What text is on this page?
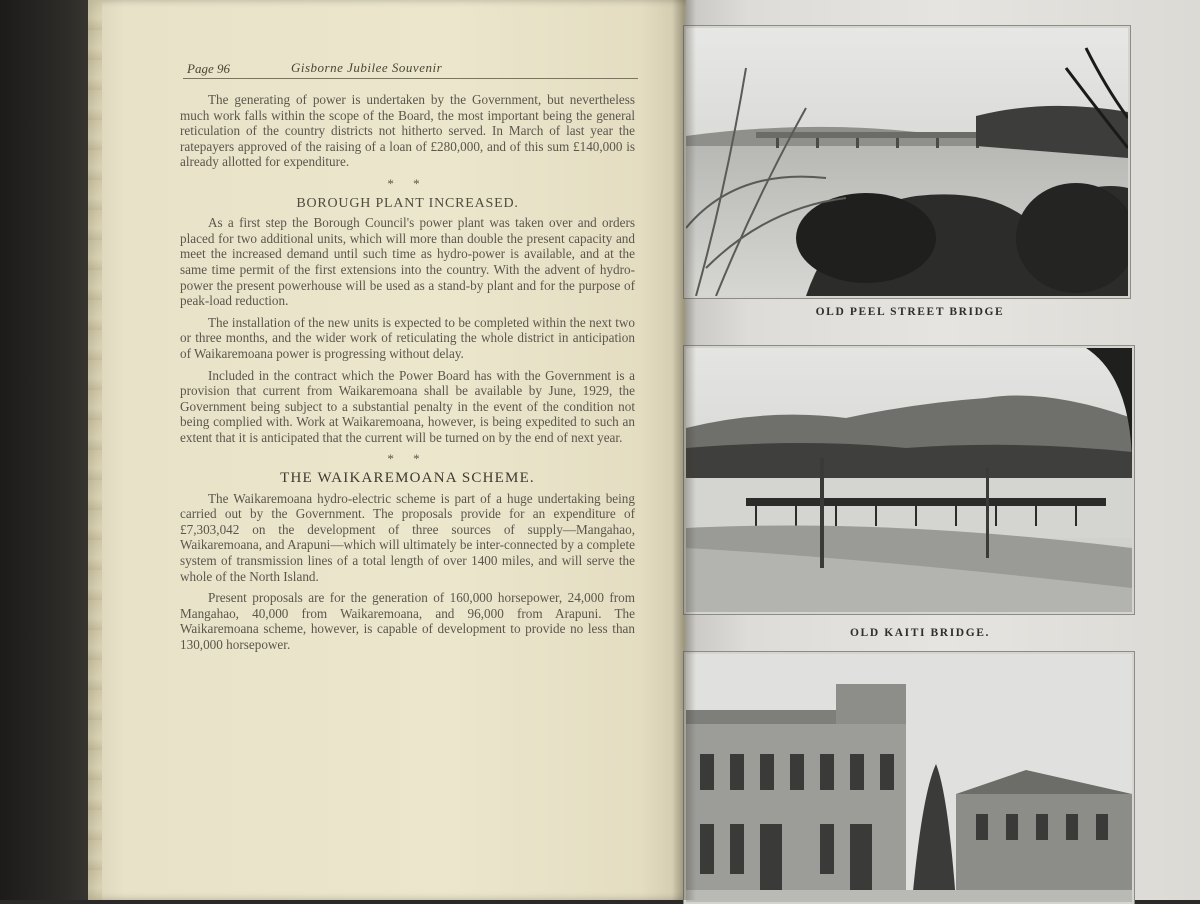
Page 96	Gisborne Jubilee Souvenir

The generating of power is undertaken by the Government, but nevertheless much work falls within the scope of the Board, the most important being the general reticulation of the country districts not hitherto served. In March of last year the ratepayers approved of the raising of a loan of £280,000, and of this sum £140,000 is already allotted for expenditure.

* *
BOROUGH PLANT INCREASED.

As a first step the Borough Council's power plant was taken over and orders placed for two additional units, which will more than double the present capacity and meet the increased demand until such time as hydro-power is available, and at the same time permit of the first extensions into the country. With the advent of hydro-power the present powerhouse will be used as a stand-by plant and for the purpose of peak-load reduction.

The installation of the new units is expected to be completed within the next two or three months, and the wider work of reticulating the whole district in anticipation of Waikaremoana power is progressing without delay.

Included in the contract which the Power Board has with the Government is a provision that current from Waikaremoana shall be available by June, 1929, the Government being subject to a substantial penalty in the event of the condition not being complied with. Work at Waikaremoana, however, is being expedited to such an extent that it is anticipated that the current will be turned on by the end of next year.

* *
THE WAIKAREMOANA SCHEME.

The Waikaremoana hydro-electric scheme is part of a huge undertaking being carried out by the Government. The proposals provide for an expenditure of £7,303,042 on the development of three sources of supply—Mangahao, Waikaremoana, and Arapuni—which will ultimately be inter-connected by a complete system of transmission lines of a total length of over 1400 miles, and will serve the whole of the North Island.

Present proposals are for the generation of 160,000 horsepower, 24,000 from Mangahao, 40,000 from Waikaremoana, and 96,000 from Arapuni. The Waikaremoana scheme, however, is capable of development to provide no less than 130,000 horsepower.

OLD PEEL STREET BRIDGE
OLD KAITI BRIDGE.
